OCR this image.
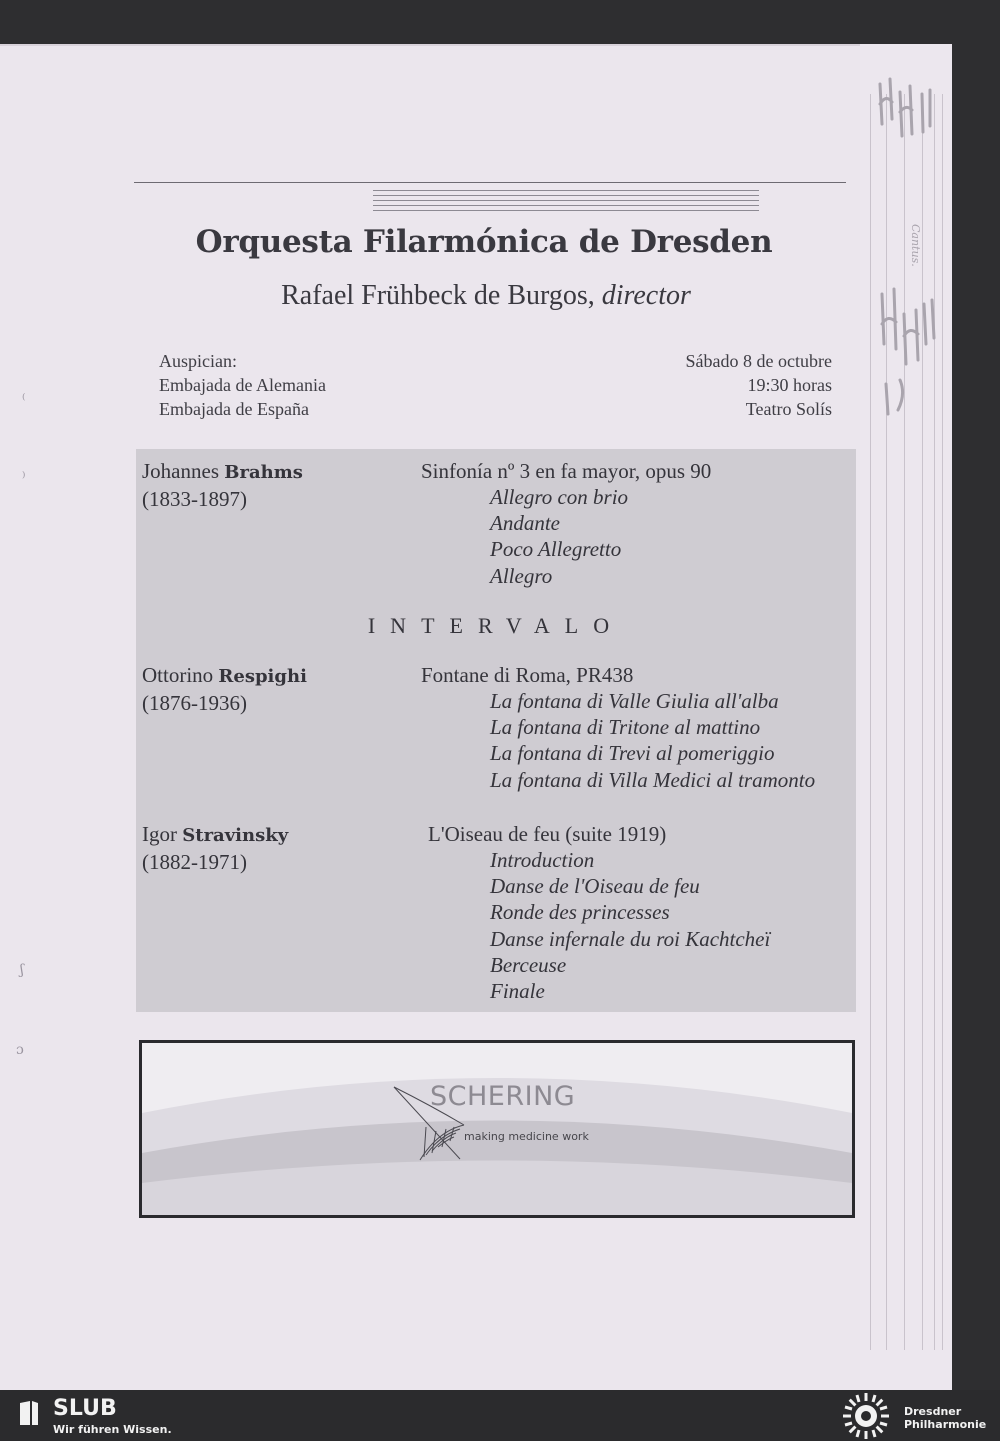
Cantus.
⁽
⁾
ʃ
ɔ
Orquesta Filarmónica de Dresden
Rafael Frühbeck de Burgos, director
Auspician:
Embajada de Alemania
Embajada de España
Sábado 8 de octubre
19:30 horas
Teatro Solís
Johannes Brahms
(1833-1897)
Sinfonía nº 3 en fa mayor, opus 90
Allegro con brio
Andante
Poco Allegretto
Allegro
INTERVALO
Ottorino Respighi
(1876-1936)
Fontane di Roma, PR438
La fontana di Valle Giulia all'alba
La fontana di Tritone al mattino
La fontana di Trevi al pomeriggio
La fontana di Villa Medici al tramonto
Igor Stravinsky
(1882-1971)
L'Oiseau de feu (suite 1919)
Introduction
Danse de l'Oiseau de feu
Ronde des princesses
Danse infernale du roi Kachtcheï
Berceuse
Finale
SCHERING
making medicine work
SLUB
Wir führen Wissen.
Dresdner
Philharmonie
